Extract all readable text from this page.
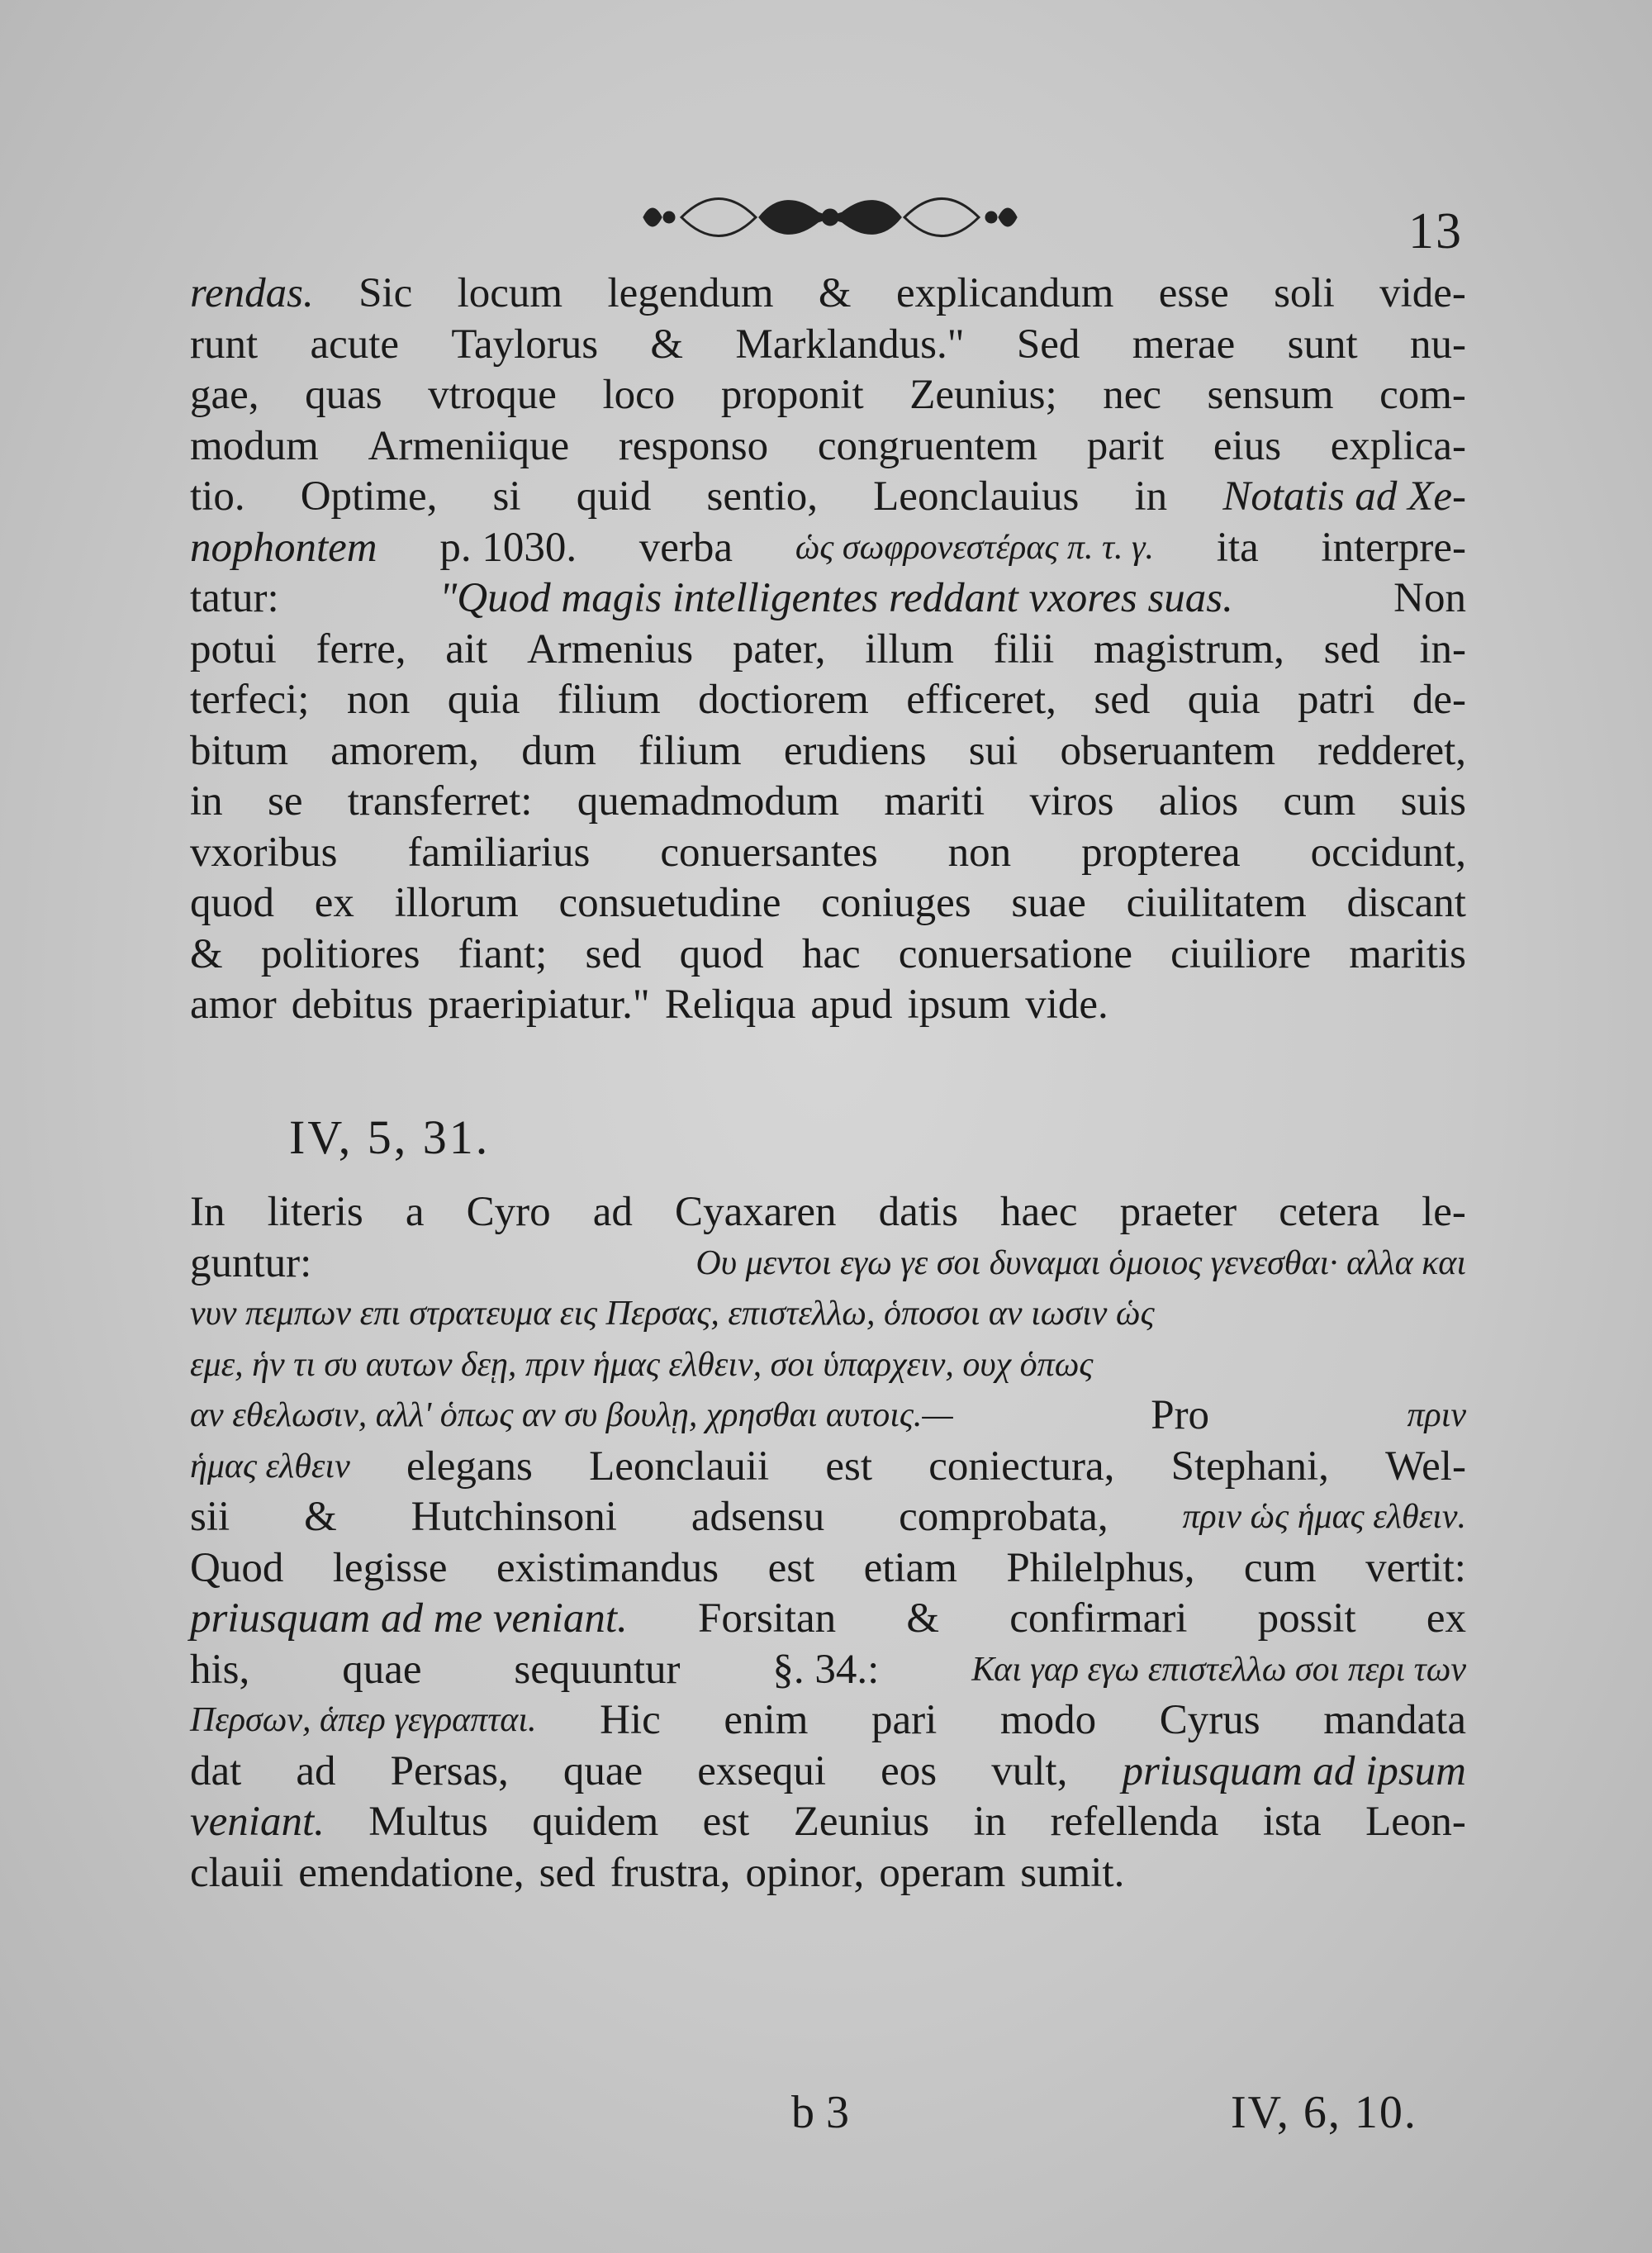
13
rendas. Sic locum legendum & explicandum esse soli vide-
runt acute Taylorus & Marklandus." Sed merae sunt nu-
gae, quas vtroque loco proponit Zeunius; nec sensum com-
modum Armeniique responso congruentem parit eius explica-
tio. Optime, si quid sentio, Leonclauius in Notatis ad Xe-
nophontem p. 1030. verba ὡς σωφρονεστέρας π. τ. γ. ita interpre-
tatur:	"Quod magis intelligentes reddant vxores suas.	Non
potui ferre, ait Armenius pater, illum filii magistrum, sed in-
terfeci; non quia filium doctiorem efficeret, sed quia patri de-
bitum amorem, dum filium erudiens sui obseruantem redderet,
in se transferret: quemadmodum mariti viros alios cum suis
vxoribus familiarius conuersantes non propterea occidunt,
quod ex illorum consuetudine coniuges suae ciuilitatem discant
& politiores fiant; sed quod hac conuersatione ciuiliore maritis
amor debitus praeripiatur." Reliqua apud ipsum vide.
IV, 5, 31.
In literis a Cyro ad Cyaxaren datis haec praeter cetera le-
guntur:	Ου μεντοι εγω γε σοι δυναμαι ὁμοιος γενεσθαι· αλλα και
νυν πεμπων επι στρατευμα εις Περσας, επιστελλω, ὁποσοι αν ιωσιν ὡς
εμε, ἡν τι συ αυτων δεῃ, πριν ἡμας ελθειν, σοι ὑπαρχειν, ουχ ὁπως
αν εθελωσιν, αλλ' ὁπως αν συ βουλῃ, χρησθαι αυτοις.—	Pro	πριν
ἡμας ελθειν elegans Leonclauii est coniectura, Stephani, Wel-
sii & Hutchinsoni adsensu comprobata, πριν ὡς ἡμας ελθειν.
Quod legisse existimandus est etiam Philelphus, cum vertit:
priusquam ad me veniant. Forsitan & confirmari possit ex
his, quae sequuntur §. 34.:	Και γαρ εγω επιστελλω σοι περι των
Περσων, ἁπερ γεγραπται. Hic enim pari modo Cyrus mandata
dat ad Persas, quae exsequi eos vult, priusquam ad ipsum
veniant. Multus quidem est Zeunius in refellenda ista Leon-
clauii emendatione, sed frustra, opinor, operam sumit.
b 3	IV, 6, 10.
